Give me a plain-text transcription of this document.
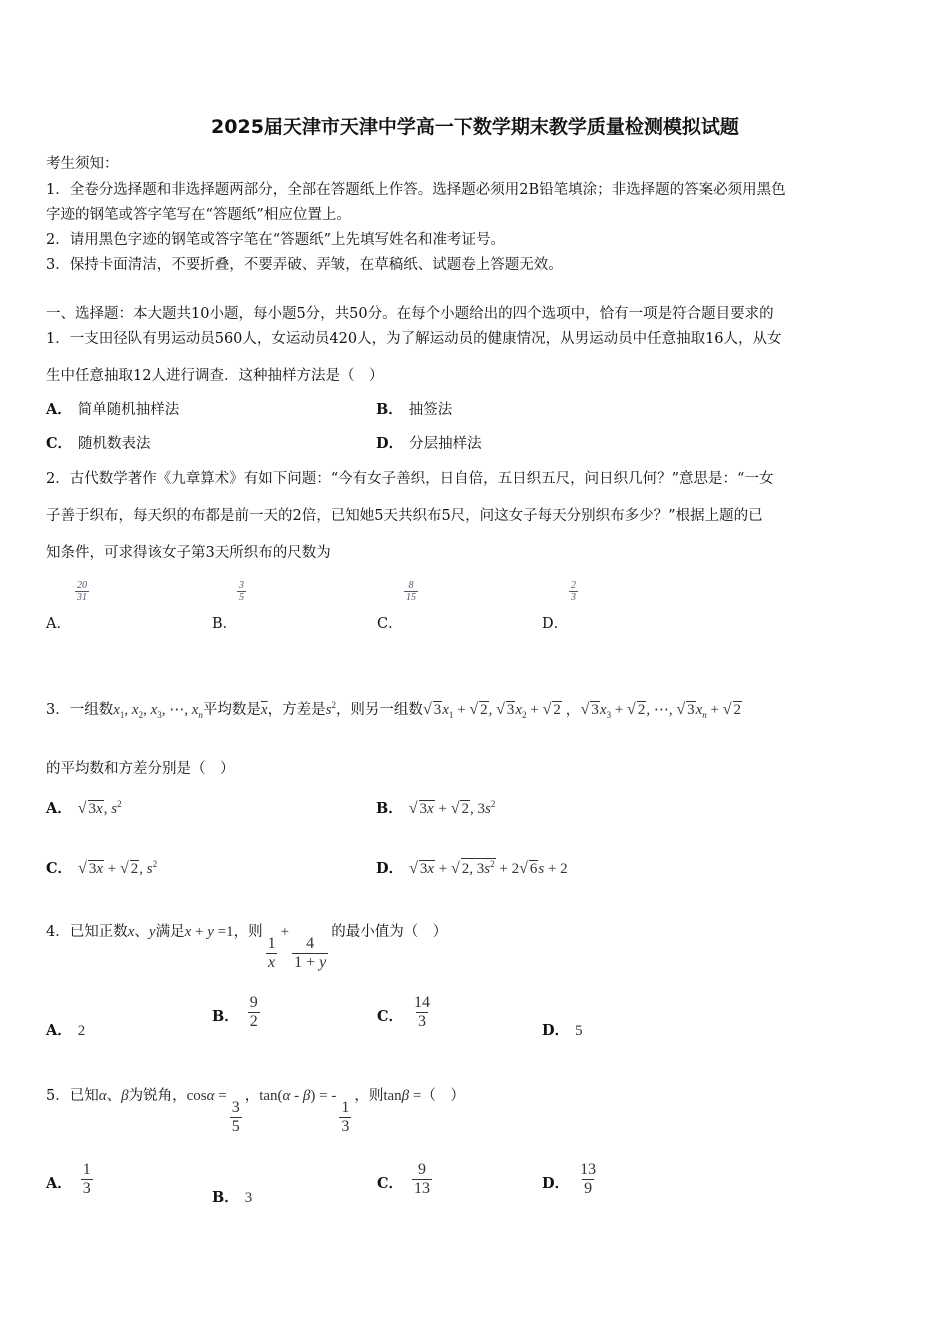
2025届天津市天津中学高一下数学期末教学质量检测模拟试题
考生须知：
1．全卷分选择题和非选择题两部分，全部在答题纸上作答。选择题必须用2B铅笔填涂；非选择题的答案必须用黑色
字迹的钢笔或答字笔写在“答题纸”相应位置上。
2．请用黑色字迹的钢笔或答字笔在“答题纸”上先填写姓名和准考证号。
3．保持卡面清洁，不要折叠，不要弄破、弄皱，在草稿纸、试题卷上答题无效。
一、选择题：本大题共10小题，每小题5分，共50分。在每个小题给出的四个选项中，恰有一项是符合题目要求的
1．一支田径队有男运动员560人，女运动员420人，为了解运动员的健康情况，从男运动员中任意抽取16人，从女
生中任意抽取12人进行调查．这种抽样方法是（　）
A． 简单随机抽样法	B． 抽签法
C． 随机数表法	D． 分层抽样法
2．古代数学著作《九章算术》有如下问题：“今有女子善织，日自倍，五日织五尺，问日织几何？”意思是：“一女
子善于织布，每天织的布都是前一天的2倍，已知她5天共织布5尺，问这女子每天分别织布多少？”根据上题的已
知条件，可求得该女子第3天所织布的尺数为
A．
$\frac{20}{31}$
B．
$\frac{3}{5}$
C．
$\frac{8}{15}$
D．
$\frac{2}{3}$
3．一组数$x_1$, $x_2$, $x_3$, ⋯, $x_n$平均数是$\overline{x}$，方差是$s^2$，则另一组数√ $3x_1$ + √ 2, √ $3x_2$ + √ 2 ，√ $3x_3$ + √ 2, ⋯, √ $3x_n$ + √ 2
的平均数和方差分别是（　）
A． √ $3\overline{x}$, $s^2$	B． √ $3\overline{x}$ + √ 2, $3s^2$
C． √ $3\overline{x}$ + √ 2, $s^2$	D． √ $3\overline{x}$ + √ 2, $3s^2 + 2√$ 6s + 2
4．已知正数x、y满足x + y =1，则
$\frac{1}{x}$
+
$\frac{4}{1 + y}$
的最小值为（　）
A． 2
B． $\frac{9}{2}$	C． $\frac{14}{3}$	D． 5
5．已知α、β为锐角，cosα =
$\frac{3}{5}$
，tan(α - β) = -
$\frac{1}{3}$
，则tanβ =（　）
A． $\frac{1}{3}$	B． 3
C． $\frac{9}{13}$	D． $\frac{13}{9}$
